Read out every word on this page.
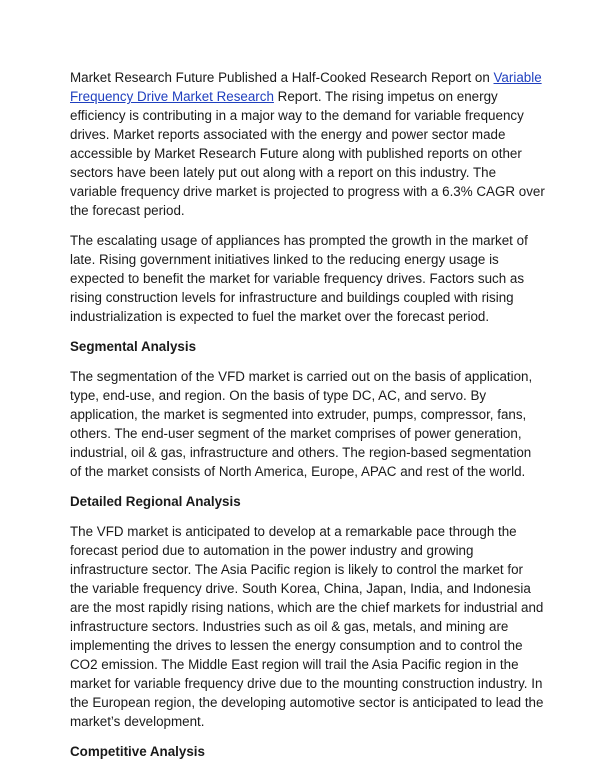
Market Research Future Published a Half-Cooked Research Report on Variable Frequency Drive Market Research Report. The rising impetus on energy efficiency is contributing in a major way to the demand for variable frequency drives. Market reports associated with the energy and power sector made accessible by Market Research Future along with published reports on other sectors have been lately put out along with a report on this industry. The variable frequency drive market is projected to progress with a 6.3% CAGR over the forecast period.

The escalating usage of appliances has prompted the growth in the market of late. Rising government initiatives linked to the reducing energy usage is expected to benefit the market for variable frequency drives. Factors such as rising construction levels for infrastructure and buildings coupled with rising industrialization is expected to fuel the market over the forecast period.

Segmental Analysis

The segmentation of the VFD market is carried out on the basis of application, type, end-use, and region. On the basis of type DC, AC, and servo. By application, the market is segmented into extruder, pumps, compressor, fans, others. The end-user segment of the market comprises of power generation, industrial, oil & gas, infrastructure and others. The region-based segmentation of the market consists of North America, Europe, APAC and rest of the world.

Detailed Regional Analysis

The VFD market is anticipated to develop at a remarkable pace through the forecast period due to automation in the power industry and growing infrastructure sector. The Asia Pacific region is likely to control the market for the variable frequency drive. South Korea, China, Japan, India, and Indonesia are the most rapidly rising nations, which are the chief markets for industrial and infrastructure sectors. Industries such as oil & gas, metals, and mining are implementing the drives to lessen the energy consumption and to control the CO2 emission. The Middle East region will trail the Asia Pacific region in the market for variable frequency drive due to the mounting construction industry. In the European region, the developing automotive sector is anticipated to lead the market’s development.

Competitive Analysis
